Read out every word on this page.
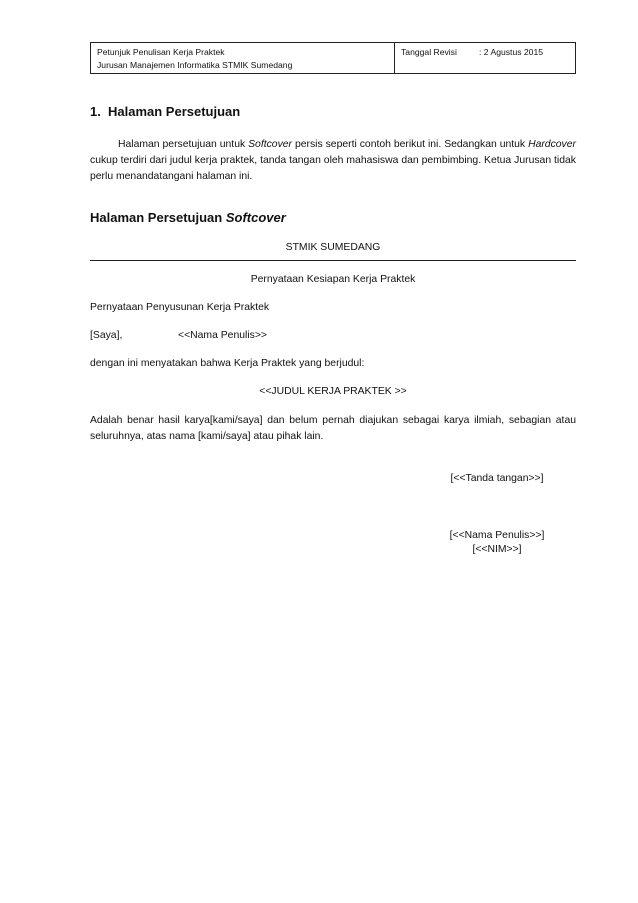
Petunjuk Penulisan Kerja Praktek
Jurusan Manajemen Informatika STMIK Sumedang
Tanggal Revisi	: 2 Agustus 2015
1. Halaman Persetujuan
Halaman persetujuan untuk Softcover persis seperti contoh berikut ini. Sedangkan untuk Hardcover cukup terdiri dari judul kerja praktek, tanda tangan oleh mahasiswa dan pembimbing. Ketua Jurusan tidak perlu menandatangani halaman ini.
Halaman Persetujuan Softcover
STMIK SUMEDANG
Pernyataan Kesiapan Kerja Praktek
Pernyataan Penyusunan Kerja Praktek
[Saya],	<<Nama Penulis>>
dengan ini menyatakan bahwa Kerja Praktek yang berjudul:
<<JUDUL KERJA PRAKTEK >>
Adalah benar hasil karya[kami/saya] dan belum pernah diajukan sebagai karya ilmiah, sebagian atau seluruhnya, atas nama [kami/saya] atau pihak lain.
[<<Tanda tangan>>]
[<<Nama Penulis>>]
[<<NIM>>]
